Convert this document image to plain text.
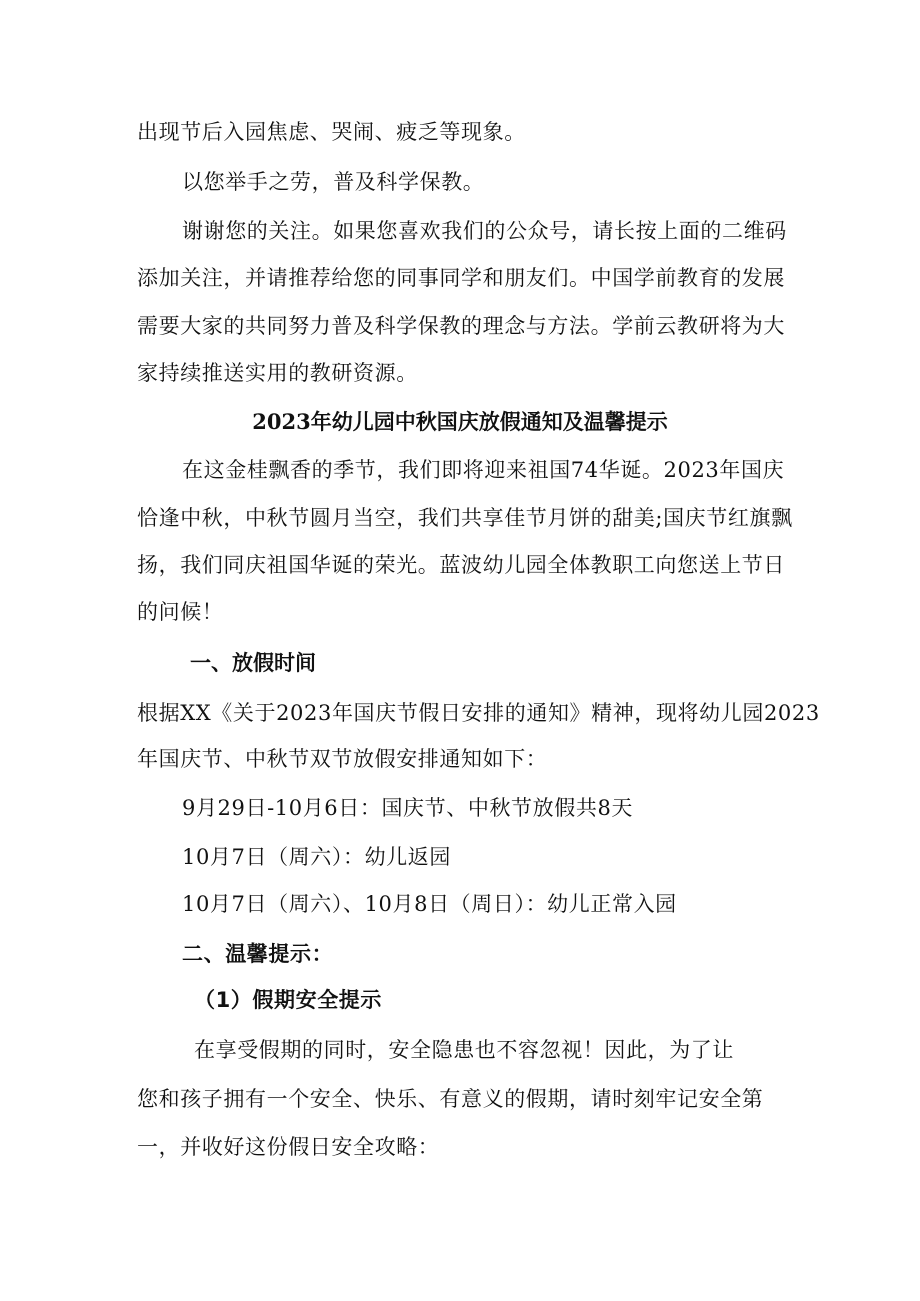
出现节后入园焦虑、哭闹、疲乏等现象。
以您举手之劳，普及科学保教。
谢谢您的关注。如果您喜欢我们的公众号，请长按上面的二维码
添加关注，并请推荐给您的同事同学和朋友们。中国学前教育的发展
需要大家的共同努力普及科学保教的理念与方法。学前云教研将为大
家持续推送实用的教研资源。
2023年幼儿园中秋国庆放假通知及温馨提示
在这金桂飘香的季节，我们即将迎来祖国74华诞。2023年国庆
恰逢中秋，中秋节圆月当空，我们共享佳节月饼的甜美;国庆节红旗飘
扬，我们同庆祖国华诞的荣光。蓝波幼儿园全体教职工向您送上节日
的问候！
一、放假时间
根据XX《关于2023年国庆节假日安排的通知》精神，现将幼儿园2023
年国庆节、中秋节双节放假安排通知如下：
9月29日-10月6日：国庆节、中秋节放假共8天
10月7日（周六）：幼儿返园
10月7日（周六）、10月8日（周日）：幼儿正常入园
二、温馨提示：
（1）假期安全提示
在享受假期的同时，安全隐患也不容忽视！因此，为了让
您和孩子拥有一个安全、快乐、有意义的假期，请时刻牢记安全第
一，并收好这份假日安全攻略：
